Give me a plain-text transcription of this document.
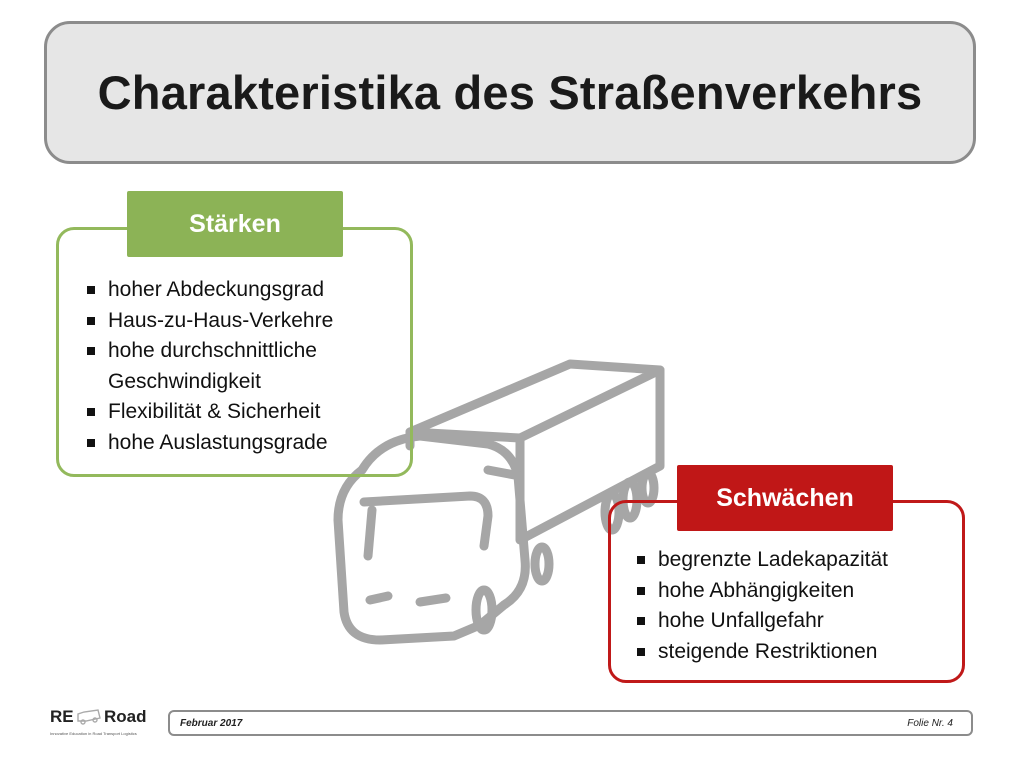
Charakteristika des Straßenverkehrs
Stärken
hoher Abdeckungsgrad
Haus-zu-Haus-Verkehre
hohe durchschnittliche Geschwindigkeit
Flexibilität & Sicherheit
hohe Auslastungsgrade
Schwächen
begrenzte Ladekapazität
hohe Abhängigkeiten
hohe Unfallgefahr
steigende Restriktionen
RE Road
Innovative Education in Road Transport Logistics
Februar 2017	Folie Nr. 4
